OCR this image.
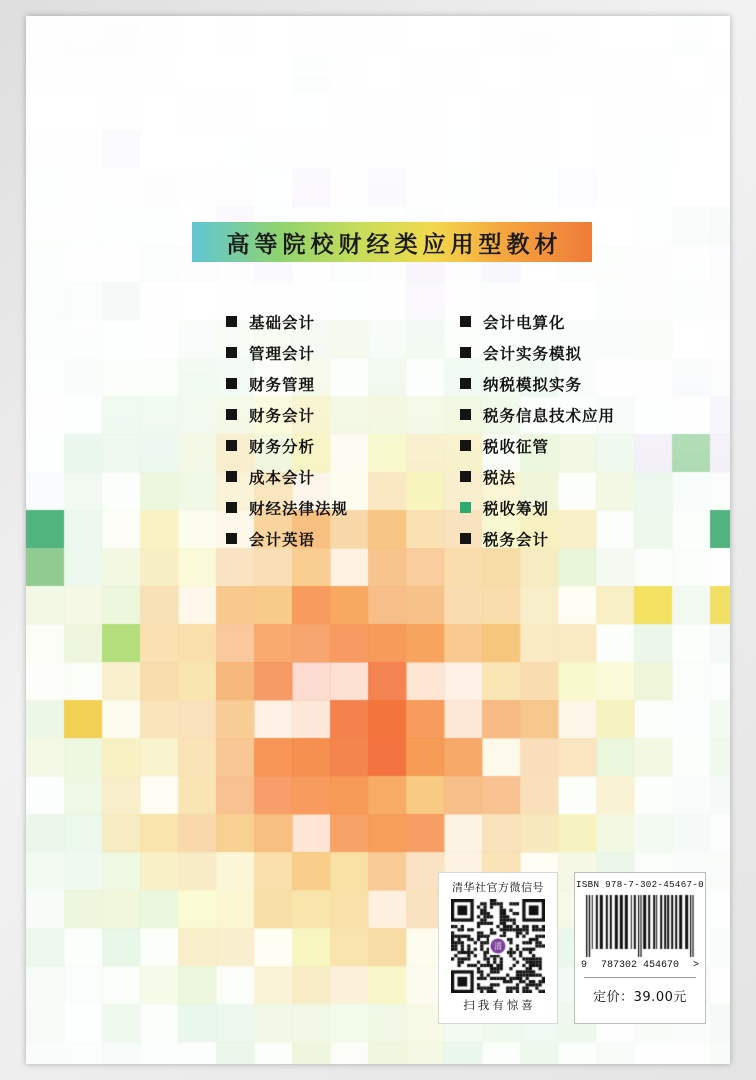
高等院校财经类应用型教材
基础会计
管理会计
财务管理
财务会计
财务分析
成本会计
财经法律法规
会计英语
会计电算化
会计实务模拟
纳税模拟实务
税务信息技术应用
税收征管
税法
税收筹划
税务会计
清华社官方微信号
扫我有惊喜
ISBN 978-7-302-45467-0
9 787302 454670 >
定价：39.00元
